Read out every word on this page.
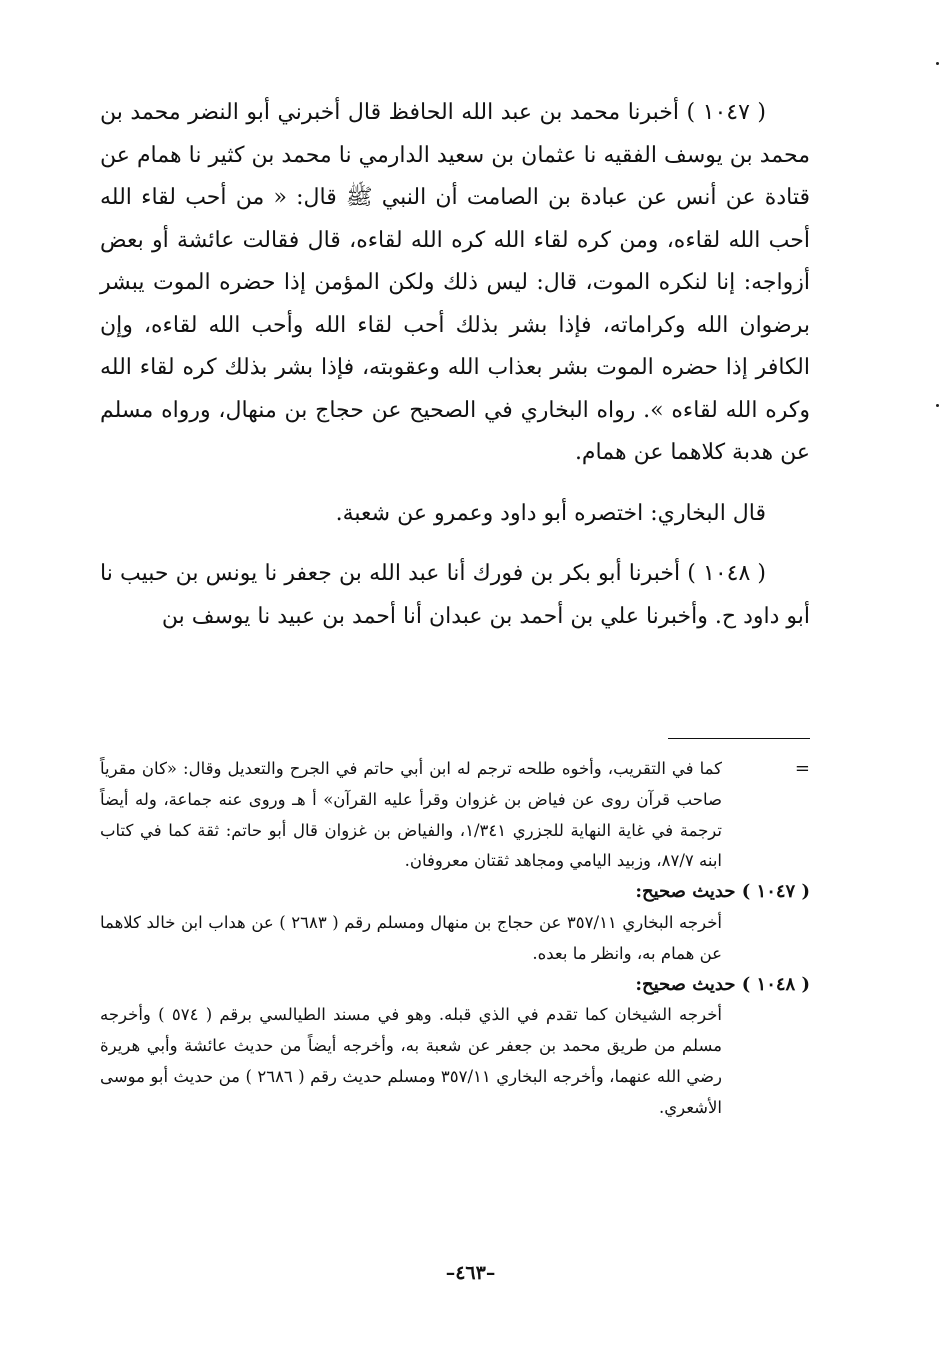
( ١٠٤٧ ) أخبرنا محمد بن عبد الله الحافظ قال أخبرني أبو النضر محمد بن محمد بن يوسف الفقيه نا عثمان بن سعيد الدارمي نا محمد بن كثير نا همام عن قتادة عن أنس عن عبادة بن الصامت أن النبي ﷺ قال: « من أحب لقاء الله أحب الله لقاءه، ومن كره لقاء الله كره الله لقاءه، قال فقالت عائشة أو بعض أزواجه: إنا لنكره الموت، قال: ليس ذلك ولكن المؤمن إذا حضره الموت يبشر برضوان الله وكراماته، فإذا بشر بذلك أحب لقاء الله وأحب الله لقاءه، وإن الكافر إذا حضره الموت بشر بعذاب الله وعقوبته، فإذا بشر بذلك كره لقاء الله وكره الله لقاءه ». رواه البخاري في الصحيح عن حجاج بن منهال، ورواه مسلم عن هدبة كلاهما عن همام.

قال البخاري: اختصره أبو داود وعمرو عن شعبة.

( ١٠٤٨ ) أخبرنا أبو بكر بن فورك أنا عبد الله بن جعفر نا يونس بن حبيب نا أبو داود ح. وأخبرنا علي بن أحمد بن عبدان أنا أحمد بن عبيد نا يوسف بن

=

كما في التقريب، وأخوه طلحه ترجم له ابن أبي حاتم في الجرح والتعديل وقال: «كان مقرياً صاحب قرآن روى عن فياض بن غزوان وقرأ عليه القرآن» أ هـ وروى عنه جماعة، وله أيضاً ترجمة في غاية النهاية للجزري ١/٣٤١، والفياض بن غزوان قال أبو حاتم: ثقة كما في كتاب ابنه ٨٧/٧، وزبيد اليامي ومجاهد ثقتان معروفان.

( ١٠٤٧ ) حديث صحيح:

أخرجه البخاري ٣٥٧/١١ عن حجاج بن منهال ومسلم رقم ( ٢٦٨٣ ) عن هداب ابن خالد كلاهما عن همام به، وانظر ما بعده.

( ١٠٤٨ ) حديث صحيح:

أخرجه الشيخان كما تقدم في الذي قبله. وهو في مسند الطيالسي برقم ( ٥٧٤ ) وأخرجه مسلم من طريق محمد بن جعفر عن شعبة به، وأخرجه أيضاً من حديث عائشة وأبي هريرة رضي الله عنهما، وأخرجه البخاري ٣٥٧/١١ ومسلم حديث رقم ( ٢٦٨٦ ) من حديث أبو موسى الأشعري.

–٤٦٣–
